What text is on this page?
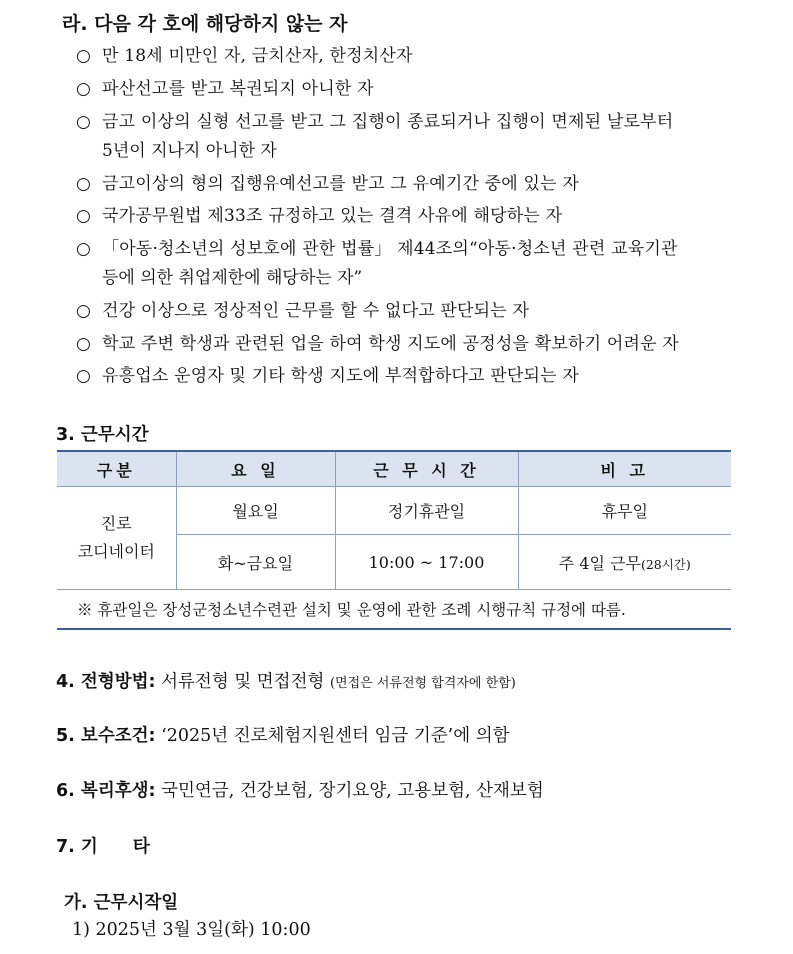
라. 다음 각 호에 해당하지 않는 자
○ 만 18세 미만인 자, 금치산자, 한정치산자
○ 파산선고를 받고 복권되지 아니한 자
○ 금고 이상의 실형 선고를 받고 그 집행이 종료되거나 집행이 면제된 날로부터
5년이 지나지 아니한 자
○ 금고이상의 형의 집행유예선고를 받고 그 유예기간 중에 있는 자
○ 국가공무원법 제33조 규정하고 있는 결격 사유에 해당하는 자
○ 「아동·청소년의 성보호에 관한 법률」 제44조의“아동·청소년 관련 교육기관
등에 의한 취업제한에 해당하는 자”
○ 건강 이상으로 정상적인 근무를 할 수 없다고 판단되는 자
○ 학교 주변 학생과 관련된 업을 하여 학생 지도에 공정성을 확보하기 어려운 자
○ 유흥업소 운영자 및 기타 학생 지도에 부적합하다고 판단되는 자
3. 근무시간
구분	요 일	근 무 시 간	비 고

진로
코디네이터	월요일	정기휴관일	휴무일
	화~금요일	10:00 ~ 17:00	주 4일 근무(28시간)
※ 휴관일은 장성군청소년수련관 설치 및 운영에 관한 조례 시행규칙 규정에 따름.			
4. 전형방법: 서류전형 및 면접전형 (면접은 서류전형 합격자에 한함)
5. 보수조건: ‘2025년 진로체험지원센터 임금 기준’에 의함
6. 복리후생: 국민연금, 건강보험, 장기요양, 고용보험, 산재보험
7. 기　　타
가. 근무시작일
1) 2025년 3월 3일(화) 10:00
